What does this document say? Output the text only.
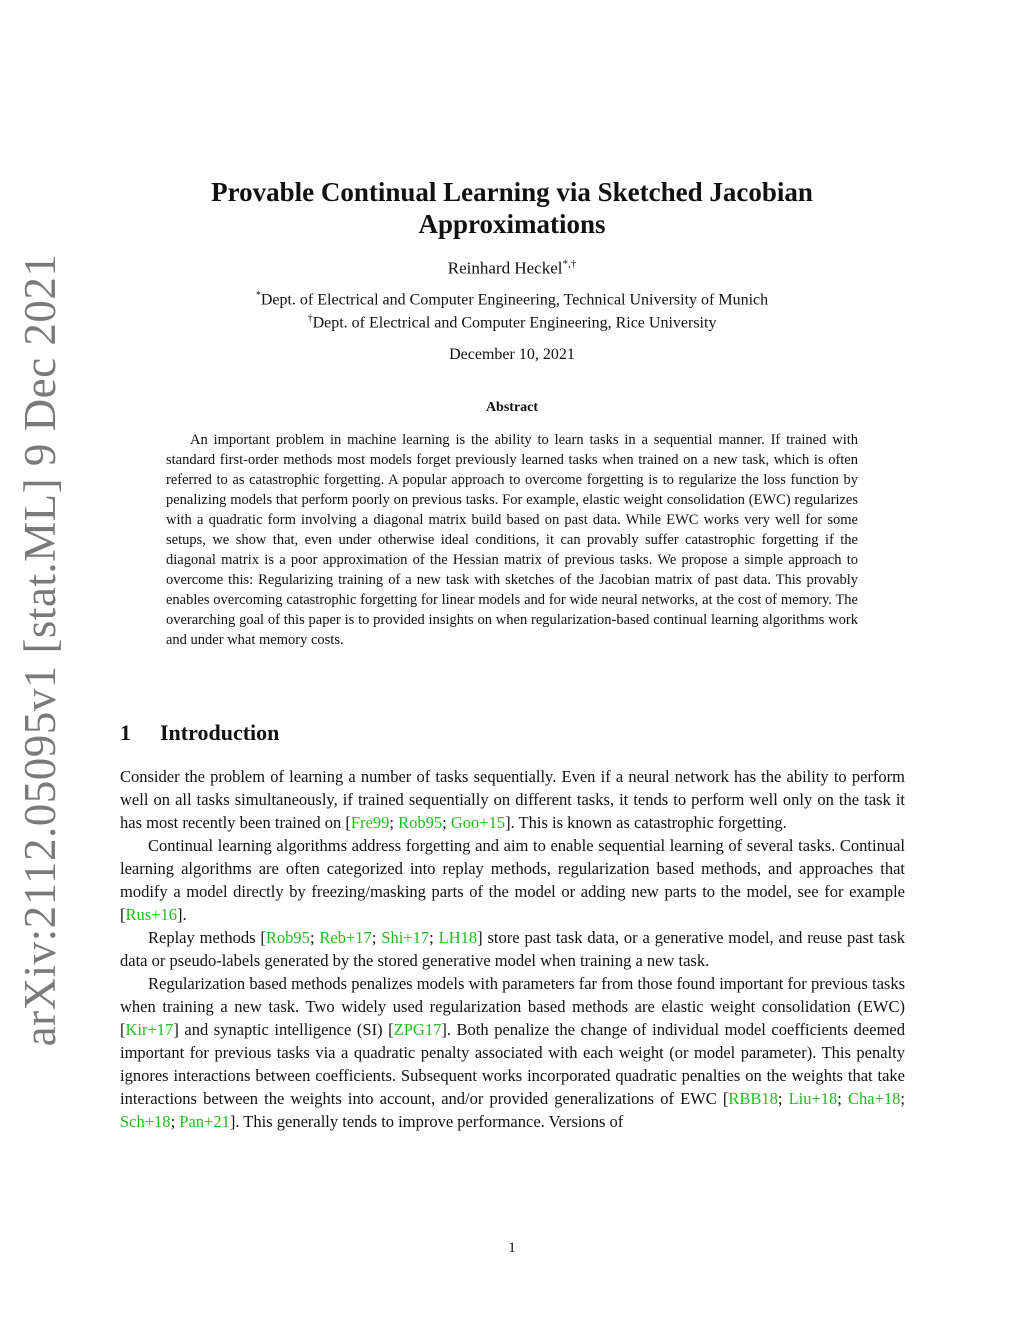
arXiv:2112.05095v1 [stat.ML] 9 Dec 2021
Provable Continual Learning via Sketched Jacobian Approximations
Reinhard Heckel*,†
*Dept. of Electrical and Computer Engineering, Technical University of Munich
†Dept. of Electrical and Computer Engineering, Rice University
December 10, 2021
Abstract

An important problem in machine learning is the ability to learn tasks in a sequential manner. If trained with standard first-order methods most models forget previously learned tasks when trained on a new task, which is often referred to as catastrophic forgetting. A popular approach to overcome forgetting is to regularize the loss function by penalizing models that perform poorly on previous tasks. For example, elastic weight consolidation (EWC) regularizes with a quadratic form involving a diagonal matrix build based on past data. While EWC works very well for some setups, we show that, even under otherwise ideal conditions, it can provably suffer catastrophic forgetting if the diagonal matrix is a poor approximation of the Hessian matrix of previous tasks. We propose a simple approach to overcome this: Regularizing training of a new task with sketches of the Jacobian matrix of past data. This provably enables overcoming catastrophic forgetting for linear models and for wide neural networks, at the cost of memory. The overarching goal of this paper is to provided insights on when regularization-based continual learning algorithms work and under what memory costs.

1 Introduction

Consider the problem of learning a number of tasks sequentially. Even if a neural network has the ability to perform well on all tasks simultaneously, if trained sequentially on different tasks, it tends to perform well only on the task it has most recently been trained on [Fre99; Rob95; Goo+15]. This is known as catastrophic forgetting.

Continual learning algorithms address forgetting and aim to enable sequential learning of several tasks. Continual learning algorithms are often categorized into replay methods, regularization based methods, and approaches that modify a model directly by freezing/masking parts of the model or adding new parts to the model, see for example [Rus+16].

Replay methods [Rob95; Reb+17; Shi+17; LH18] store past task data, or a generative model, and reuse past task data or pseudo-labels generated by the stored generative model when training a new task.

Regularization based methods penalizes models with parameters far from those found important for previous tasks when training a new task. Two widely used regularization based methods are elastic weight consolidation (EWC) [Kir+17] and synaptic intelligence (SI) [ZPG17]. Both penalize the change of individual model coefficients deemed important for previous tasks via a quadratic penalty associated with each weight (or model parameter). This penalty ignores interactions between coefficients. Subsequent works incorporated quadratic penalties on the weights that take interactions between the weights into account, and/or provided generalizations of EWC [RBB18; Liu+18; Cha+18; Sch+18; Pan+21]. This generally tends to improve performance. Versions of

1
